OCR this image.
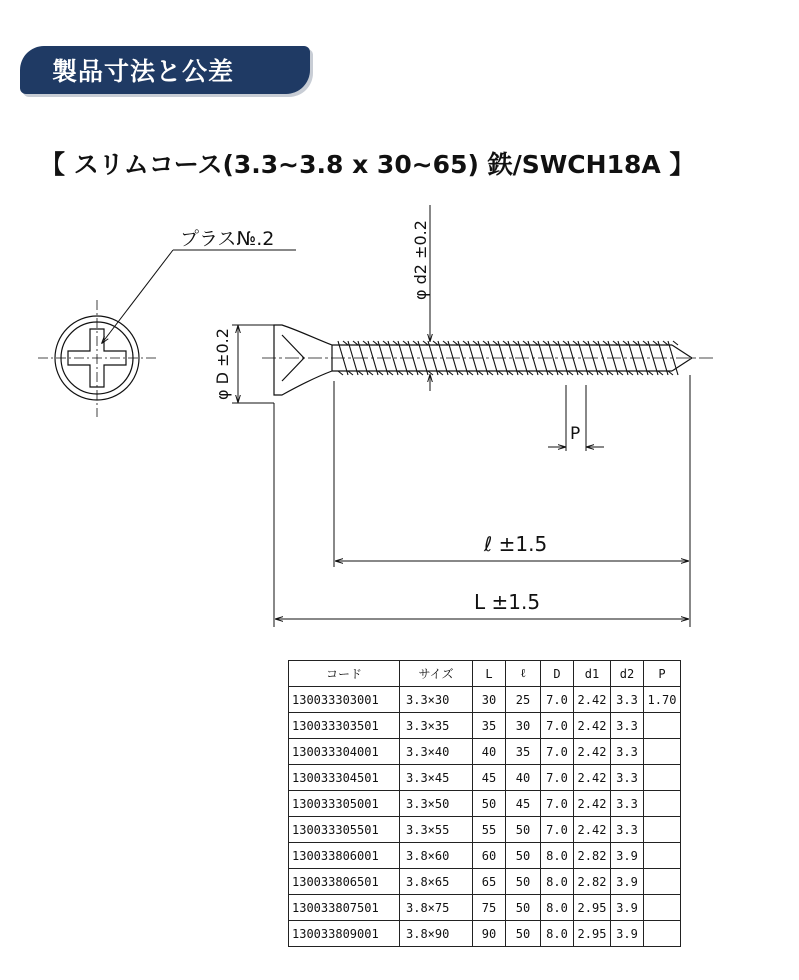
製品寸法と公差
【 スリムコース(3.3∼3.8 x 30∼65) 鉄/SWCH18A 】
プラス№.2	φ d2 ±0.2
φ D ±0.2
P
ℓ ±1.5
L ±1.5
コード	サイズ	L	ℓ	D	d1	d2	P
130033303001	3.3×30	30	25	7.0	2.42	3.3	1.70
130033303501	3.3×35	35	30	7.0	2.42	3.3	
130033304001	3.3×40	40	35	7.0	2.42	3.3	
130033304501	3.3×45	45	40	7.0	2.42	3.3	
130033305001	3.3×50	50	45	7.0	2.42	3.3	
130033305501	3.3×55	55	50	7.0	2.42	3.3	
130033806001	3.8×60	60	50	8.0	2.82	3.9	
130033806501	3.8×65	65	50	8.0	2.82	3.9	
130033807501	3.8×75	75	50	8.0	2.95	3.9	
130033809001	3.8×90	90	50	8.0	2.95	3.9	
